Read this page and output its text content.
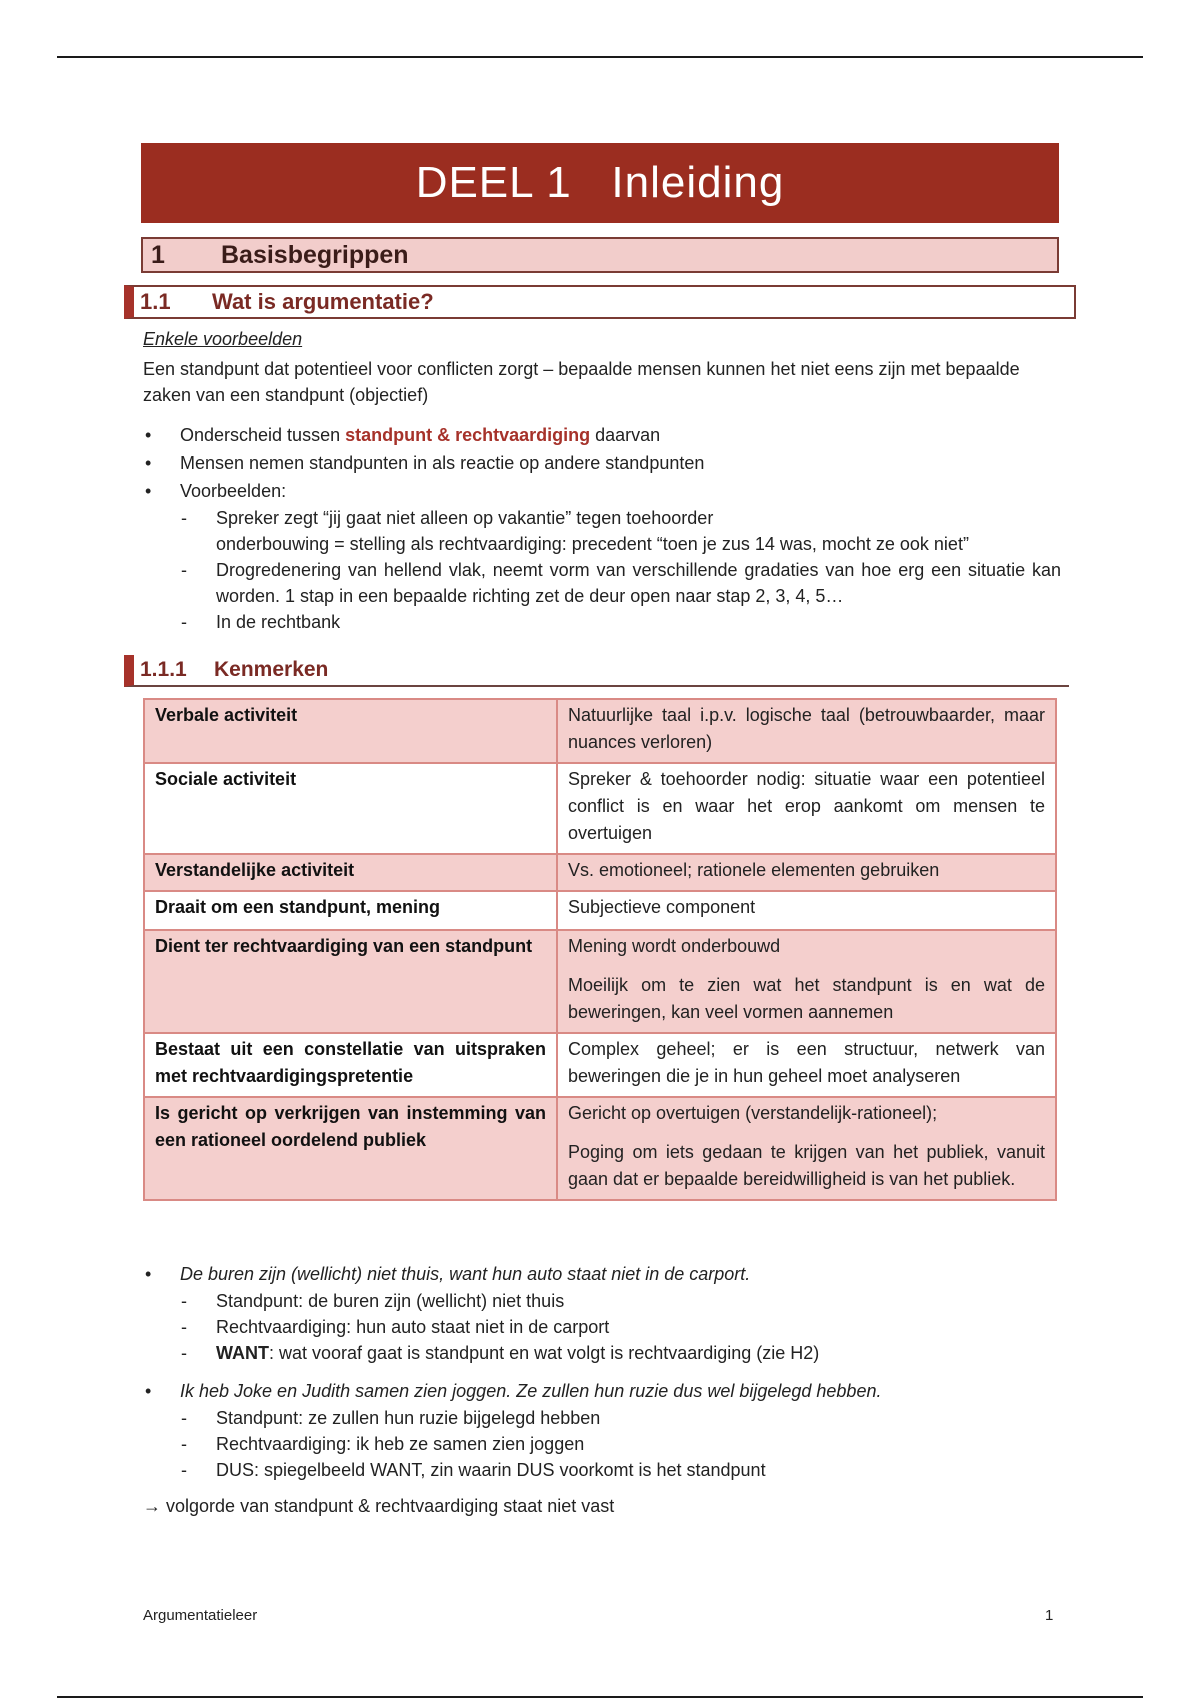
DEEL 1
Inleiding
1	Basisbegrippen
1.1	Wat is argumentatie?
Enkele voorbeelden
Een standpunt dat potentieel voor conflicten zorgt – bepaalde mensen kunnen het niet eens zijn met bepaalde zaken van een standpunt (objectief)
• Onderscheid tussen standpunt & rechtvaardiging daarvan
• Mensen nemen standpunten in als reactie op andere standpunten
• Voorbeelden:
- Spreker zegt “jij gaat niet alleen op vakantie” tegen toehoorder
onderbouwing = stelling als rechtvaardiging: precedent “toen je zus 14 was, mocht ze ook niet”
- Drogredenering van hellend vlak, neemt vorm van verschillende gradaties van hoe erg een situatie kan worden. 1 stap in een bepaalde richting zet de deur open naar stap 2, 3, 4, 5…
- In de rechtbank
1.1.1	Kenmerken
Verbale activiteit	Natuurlijke taal i.p.v. logische taal (betrouwbaarder, maar nuances verloren)

Sociale activiteit	Spreker & toehoorder nodig: situatie waar een potentieel conflict is en waar het erop aankomt om mensen te overtuigen

Verstandelijke activiteit	Vs. emotioneel; rationele elementen gebruiken

Draait om een standpunt, mening	Subjectieve component

Dient ter rechtvaardiging van een standpunt	Mening wordt onderbouwd

Moeilijk om te zien wat het standpunt is en wat de beweringen, kan veel vormen aannemen

Bestaat uit een constellatie van uitspraken met rechtvaardigingspretentie	Complex geheel; er is een structuur, netwerk van beweringen die je in hun geheel moet analyseren

Is gericht op verkrijgen van instemming van een rationeel oordelend publiek	Gericht op overtuigen (verstandelijk-rationeel);

Poging om iets gedaan te krijgen van het publiek, vanuit gaan dat er bepaalde bereidwilligheid is van het publiek.

• De buren zijn (wellicht) niet thuis, want hun auto staat niet in de carport.
- Standpunt: de buren zijn (wellicht) niet thuis
- Rechtvaardiging: hun auto staat niet in de carport
- WANT: wat vooraf gaat is standpunt en wat volgt is rechtvaardiging (zie H2)
• Ik heb Joke en Judith samen zien joggen. Ze zullen hun ruzie dus wel bijgelegd hebben.
- Standpunt: ze zullen hun ruzie bijgelegd hebben
- Rechtvaardiging: ik heb ze samen zien joggen
- DUS: spiegelbeeld WANT, zin waarin DUS voorkomt is het standpunt
→ volgorde van standpunt & rechtvaardiging staat niet vast
Argumentatieleer	1
